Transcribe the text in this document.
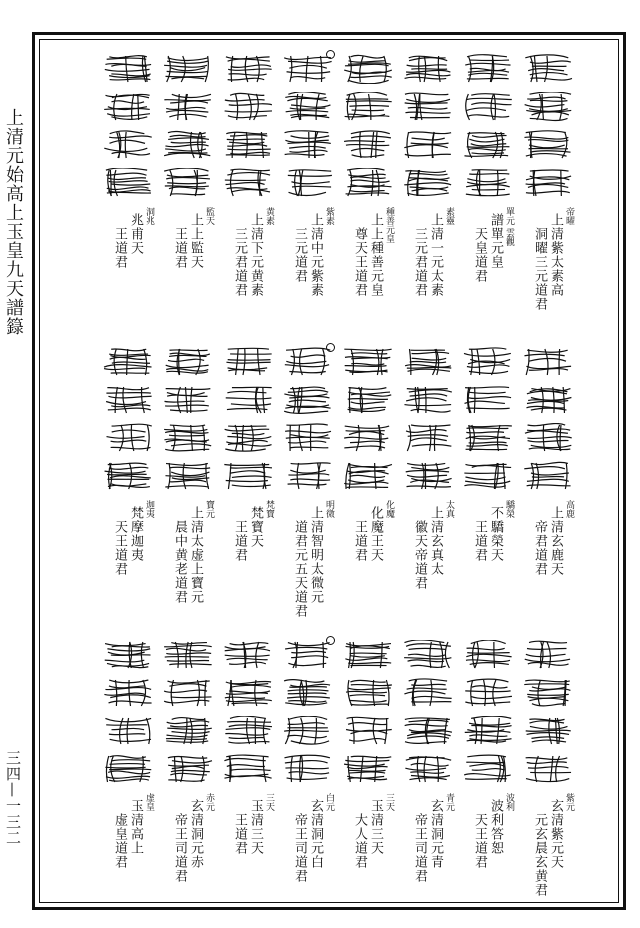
上清元始高上玉皇九天譜籙
三四—一三二
帝曜
上清紫太素高
洞曜三元道君
單元 雲觀
譜單元皇
天皇道君
素靈
上清一元太素
三元君道君
種善元皇
上上種善元皇
尊天王道君
紫素
上清中元紫素
三元道君
黄素
上清下元黄素
三元君道君
監天
上上監天
王道君
洞兆
兆甫天
王道君
高鹿
上清玄鹿天
帝君道君
驕榮
不驕榮天
王道君
太真
上清玄真太
徽天帝道君
化魔
化魔王天
王道君
明微
上清智明太微元
道君元五天道君
梵寶
梵寶天
王道君
寶元
上清太虚上寶元
晨中黄老道君
迦夷
梵摩迦夷
天王道君
紫元
玄清紫元天
元玄晨玄黄君
波利
波利答恕
天王道君
青元
玄清洞元青
帝王司道君
三天
玉清三天
大人道君
白元
玄清洞元白
帝王司道君
三天
玉清三天
王道君
赤元
玄清洞元赤
帝王司道君
虚皇
玉清高上
虚皇道君
